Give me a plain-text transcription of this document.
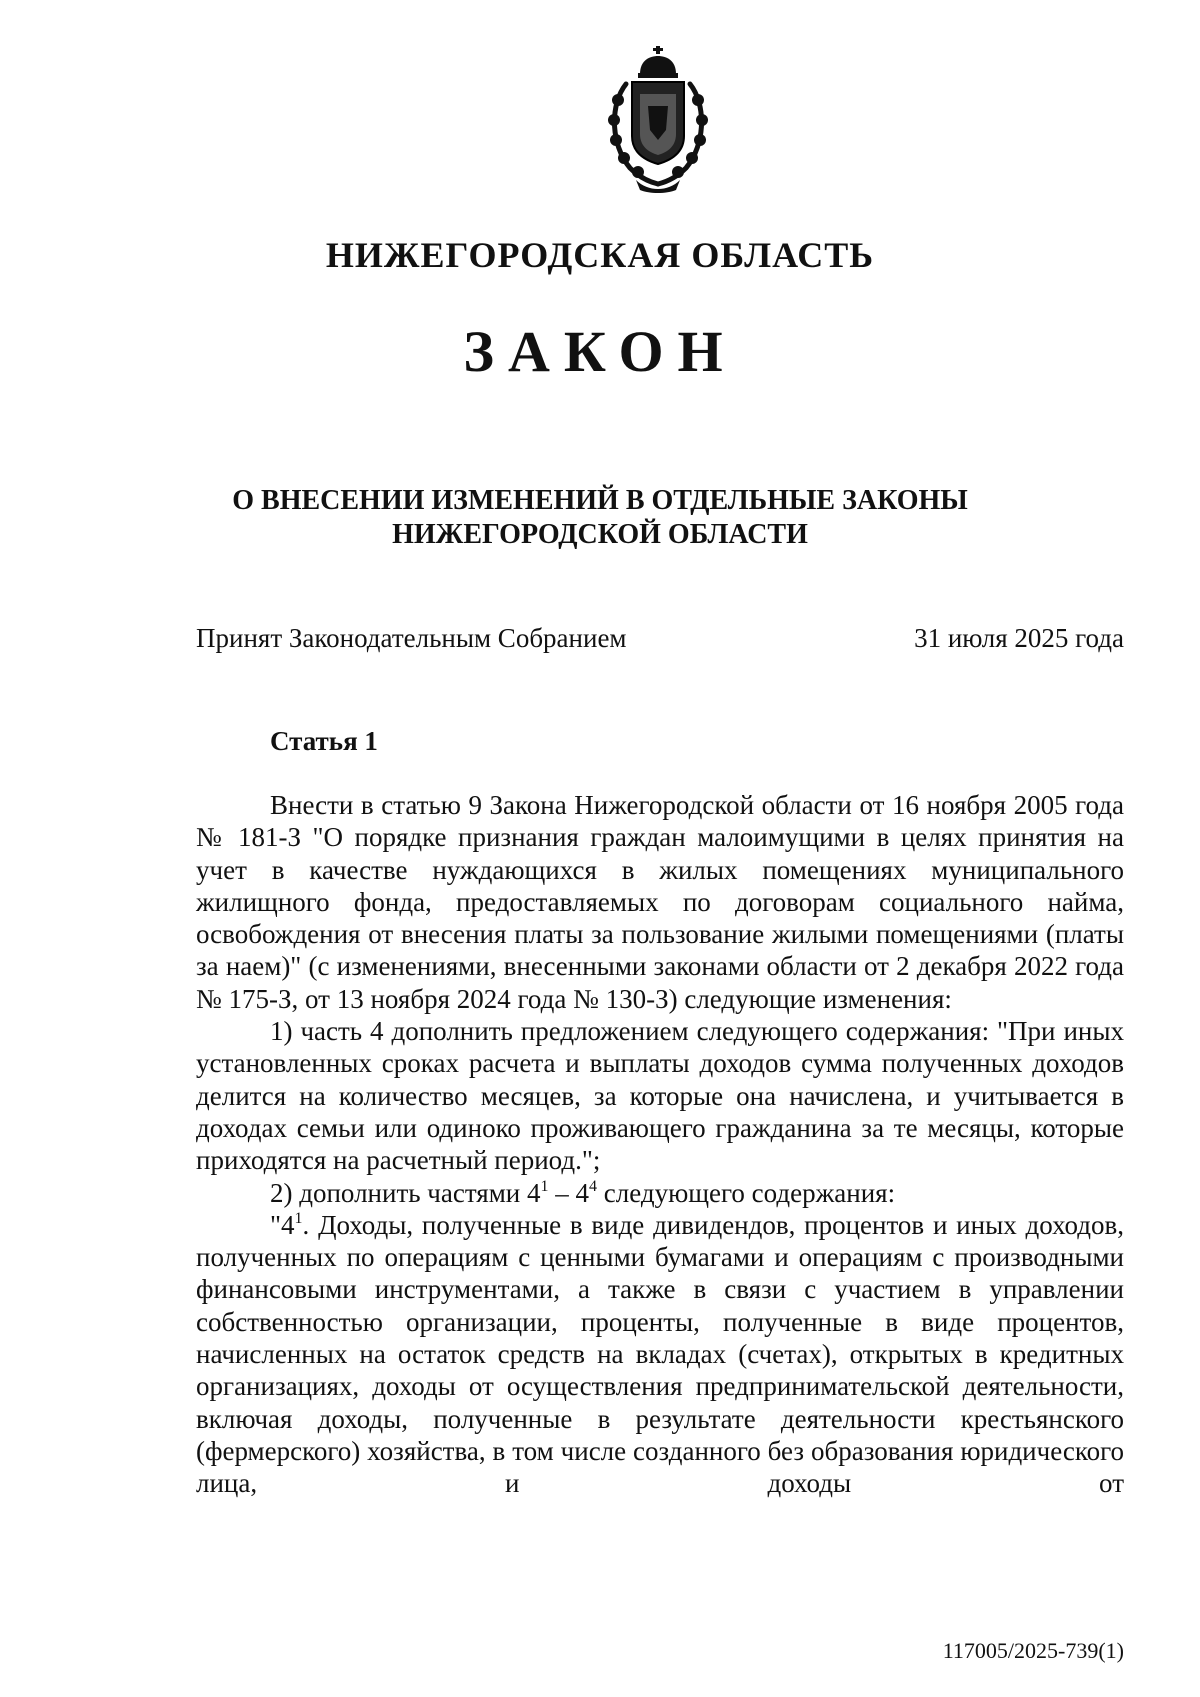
НИЖЕГОРОДСКАЯ ОБЛАСТЬ
ЗАКОН
О ВНЕСЕНИИ ИЗМЕНЕНИЙ В ОТДЕЛЬНЫЕ ЗАКОНЫ
НИЖЕГОРОДСКОЙ ОБЛАСТИ
Принят Законодательным Собранием	31 июля 2025 года
Статья 1

Внести в статью 9 Закона Нижегородской области от 16 ноября 2005 года № 181-З "О порядке признания граждан малоимущими в целях принятия на учет в качестве нуждающихся в жилых помещениях муниципального жилищного фонда, предоставляемых по договорам социального найма, освобождения от внесения платы за пользование жилыми помещениями (платы за наем)" (с изменениями, внесенными законами области от 2 декабря 2022 года № 175-З, от 13 ноября 2024 года № 130-З) следующие изменения:

1) часть 4 дополнить предложением следующего содержания: "При иных установленных сроках расчета и выплаты доходов сумма полученных доходов делится на количество месяцев, за которые она начислена, и учитывается в доходах семьи или одиноко проживающего гражданина за те месяцы, которые приходятся на расчетный период.";

2) дополнить частями $4^1 - 4^4$ следующего содержания:

"$4^1$. Доходы, полученные в виде дивидендов, процентов и иных доходов, полученных по операциям с ценными бумагами и операциям с производными финансовыми инструментами, а также в связи с участием в управлении собственностью организации, проценты, полученные в виде процентов, начисленных на остаток средств на вкладах (счетах), открытых в кредитных организациях, доходы от осуществления предпринимательской деятельности, включая доходы, полученные в результате деятельности крестьянского (фермерского) хозяйства, в том числе созданного без образования юридического лица, и доходы от

117005/2025-739(1)
